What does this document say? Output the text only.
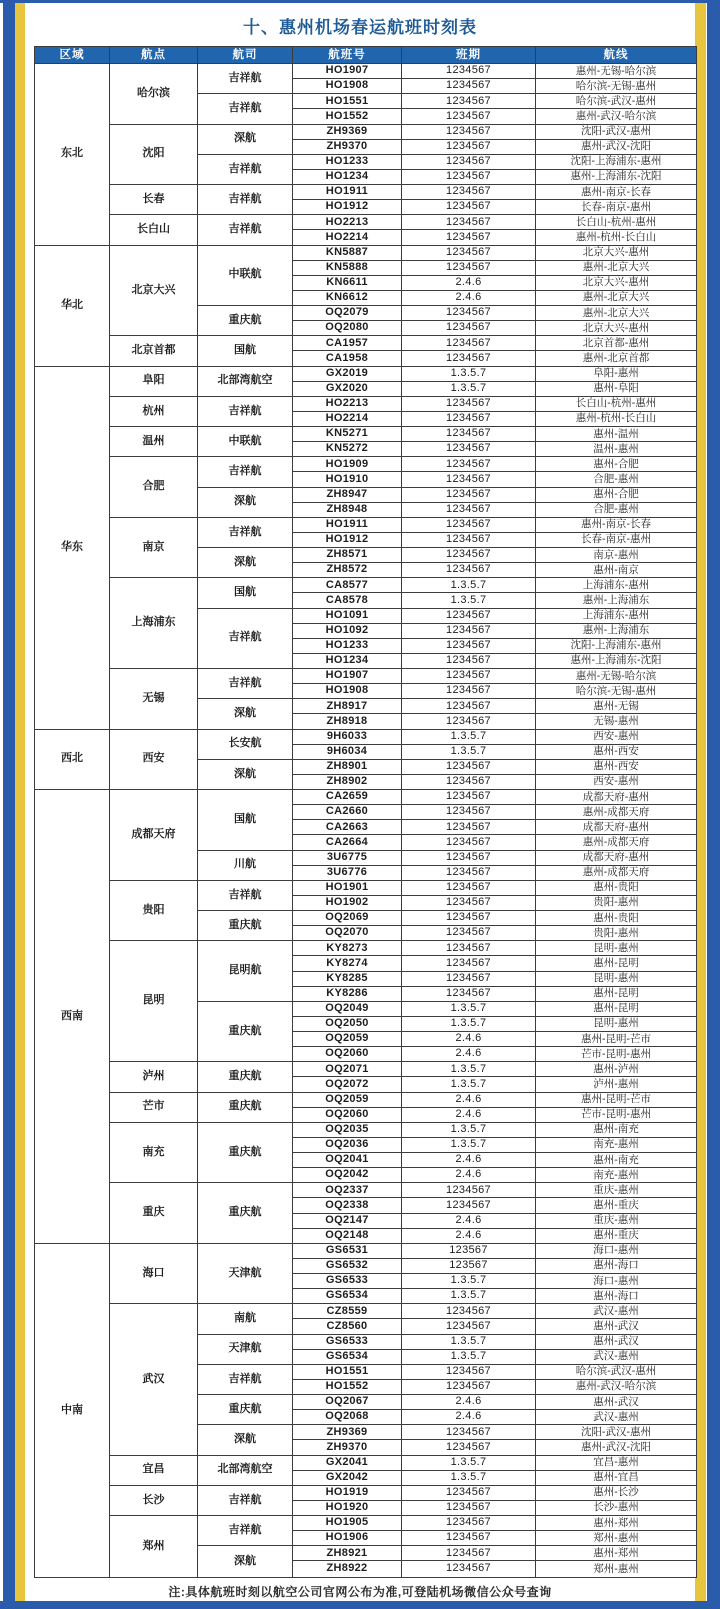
十、惠州机场春运航班时刻表
区域	航点	航司	航班号	班期	航线
东北	哈尔滨	吉祥航	HO1907	1234567	惠州-无锡-哈尔滨
			HO1908	1234567	哈尔滨-无锡-惠州
		吉祥航	HO1551	1234567	哈尔滨-武汉-惠州
			HO1552	1234567	惠州-武汉-哈尔滨
	沈阳	深航	ZH9369	1234567	沈阳-武汉-惠州
			ZH9370	1234567	惠州-武汉-沈阳
		吉祥航	HO1233	1234567	沈阳-上海浦东-惠州
			HO1234	1234567	惠州-上海浦东-沈阳
	长春	吉祥航	HO1911	1234567	惠州-南京-长春
			HO1912	1234567	长春-南京-惠州
	长白山	吉祥航	HO2213	1234567	长白山-杭州-惠州
			HO2214	1234567	惠州-杭州-长白山
华北	北京大兴	中联航	KN5887	1234567	北京大兴-惠州
			KN5888	1234567	惠州-北京大兴
			KN6611	2.4.6	北京大兴-惠州
			KN6612	2.4.6	惠州-北京大兴
		重庆航	OQ2079	1234567	惠州-北京大兴
			OQ2080	1234567	北京大兴-惠州
	北京首都	国航	CA1957	1234567	北京首都-惠州
			CA1958	1234567	惠州-北京首都
华东	阜阳	北部湾航空	GX2019	1.3.5.7	阜阳-惠州
			GX2020	1.3.5.7	惠州-阜阳
	杭州	吉祥航	HO2213	1234567	长白山-杭州-惠州
			HO2214	1234567	惠州-杭州-长白山
	温州	中联航	KN5271	1234567	惠州-温州
			KN5272	1234567	温州-惠州
	合肥	吉祥航	HO1909	1234567	惠州-合肥
			HO1910	1234567	合肥-惠州
		深航	ZH8947	1234567	惠州-合肥
			ZH8948	1234567	合肥-惠州
	南京	吉祥航	HO1911	1234567	惠州-南京-长春
			HO1912	1234567	长春-南京-惠州
		深航	ZH8571	1234567	南京-惠州
			ZH8572	1234567	惠州-南京
	上海浦东	国航	CA8577	1.3.5.7	上海浦东-惠州
			CA8578	1.3.5.7	惠州-上海浦东
		吉祥航	HO1091	1234567	上海浦东-惠州
			HO1092	1234567	惠州-上海浦东
			HO1233	1234567	沈阳-上海浦东-惠州
			HO1234	1234567	惠州-上海浦东-沈阳
	无锡	吉祥航	HO1907	1234567	惠州-无锡-哈尔滨
			HO1908	1234567	哈尔滨-无锡-惠州
		深航	ZH8917	1234567	惠州-无锡
			ZH8918	1234567	无锡-惠州
西北	西安	长安航	9H6033	1.3.5.7	西安-惠州
			9H6034	1.3.5.7	惠州-西安
		深航	ZH8901	1234567	惠州-西安
			ZH8902	1234567	西安-惠州
西南	成都天府	国航	CA2659	1234567	成都天府-惠州
			CA2660	1234567	惠州-成都天府
			CA2663	1234567	成都天府-惠州
			CA2664	1234567	惠州-成都天府
		川航	3U6775	1234567	成都天府-惠州
			3U6776	1234567	惠州-成都天府
	贵阳	吉祥航	HO1901	1234567	惠州-贵阳
			HO1902	1234567	贵阳-惠州
		重庆航	OQ2069	1234567	惠州-贵阳
			OQ2070	1234567	贵阳-惠州
	昆明	昆明航	KY8273	1234567	昆明-惠州
			KY8274	1234567	惠州-昆明
			KY8285	1234567	昆明-惠州
			KY8286	1234567	惠州-昆明
		重庆航	OQ2049	1.3.5.7	惠州-昆明
			OQ2050	1.3.5.7	昆明-惠州
			OQ2059	2.4.6	惠州-昆明-芒市
			OQ2060	2.4.6	芒市-昆明-惠州
	泸州	重庆航	OQ2071	1.3.5.7	惠州-泸州
			OQ2072	1.3.5.7	泸州-惠州
	芒市	重庆航	OQ2059	2.4.6	惠州-昆明-芒市
			OQ2060	2.4.6	芒市-昆明-惠州
	南充	重庆航	OQ2035	1.3.5.7	惠州-南充
			OQ2036	1.3.5.7	南充-惠州
			OQ2041	2.4.6	惠州-南充
			OQ2042	2.4.6	南充-惠州
	重庆	重庆航	OQ2337	1234567	重庆-惠州
			OQ2338	1234567	惠州-重庆
			OQ2147	2.4.6	重庆-惠州
			OQ2148	2.4.6	惠州-重庆
中南	海口	天津航	GS6531	123567	海口-惠州
			GS6532	123567	惠州-海口
			GS6533	1.3.5.7	海口-惠州
			GS6534	1.3.5.7	惠州-海口
	武汉	南航	CZ8559	1234567	武汉-惠州
			CZ8560	1234567	惠州-武汉
		天津航	GS6533	1.3.5.7	惠州-武汉
			GS6534	1.3.5.7	武汉-惠州
		吉祥航	HO1551	1234567	哈尔滨-武汉-惠州
			HO1552	1234567	惠州-武汉-哈尔滨
		重庆航	OQ2067	2.4.6	惠州-武汉
			OQ2068	2.4.6	武汉-惠州
		深航	ZH9369	1234567	沈阳-武汉-惠州
			ZH9370	1234567	惠州-武汉-沈阳
	宜昌	北部湾航空	GX2041	1.3.5.7	宜昌-惠州
			GX2042	1.3.5.7	惠州-宜昌
	长沙	吉祥航	HO1919	1234567	惠州-长沙
			HO1920	1234567	长沙-惠州
	郑州	吉祥航	HO1905	1234567	惠州-郑州
			HO1906	1234567	郑州-惠州
		深航	ZH8921	1234567	惠州-郑州
			ZH8922	1234567	郑州-惠州
注:具体航班时刻以航空公司官网公布为准,可登陆机场微信公众号查询
